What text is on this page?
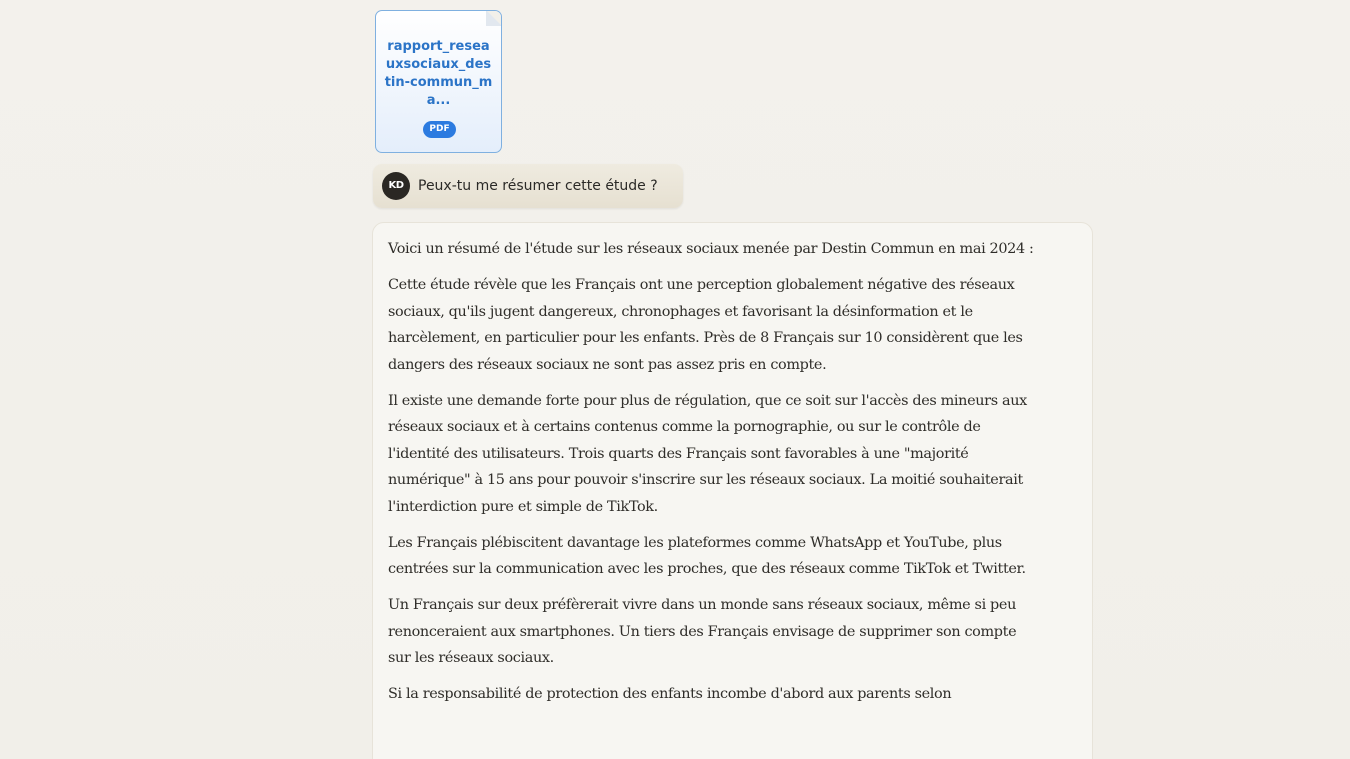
rapport_reseauxsociaux_destin-commun_ma...
PDF
KD	Peux-tu me résumer cette étude ?

Voici un résumé de l'étude sur les réseaux sociaux menée par Destin Commun en mai 2024 :

Cette étude révèle que les Français ont une perception globalement négative des réseaux sociaux, qu'ils jugent dangereux, chronophages et favorisant la désinformation et le harcèlement, en particulier pour les enfants. Près de 8 Français sur 10 considèrent que les dangers des réseaux sociaux ne sont pas assez pris en compte.

Il existe une demande forte pour plus de régulation, que ce soit sur l'accès des mineurs aux réseaux sociaux et à certains contenus comme la pornographie, ou sur le contrôle de l'identité des utilisateurs. Trois quarts des Français sont favorables à une "majorité numérique" à 15 ans pour pouvoir s'inscrire sur les réseaux sociaux. La moitié souhaiterait l'interdiction pure et simple de TikTok.

Les Français plébiscitent davantage les plateformes comme WhatsApp et YouTube, plus centrées sur la communication avec les proches, que des réseaux comme TikTok et Twitter.

Un Français sur deux préfèrerait vivre dans un monde sans réseaux sociaux, même si peu renonceraient aux smartphones. Un tiers des Français envisage de supprimer son compte sur les réseaux sociaux.

Si la responsabilité de protection des enfants incombe d'abord aux parents selon
